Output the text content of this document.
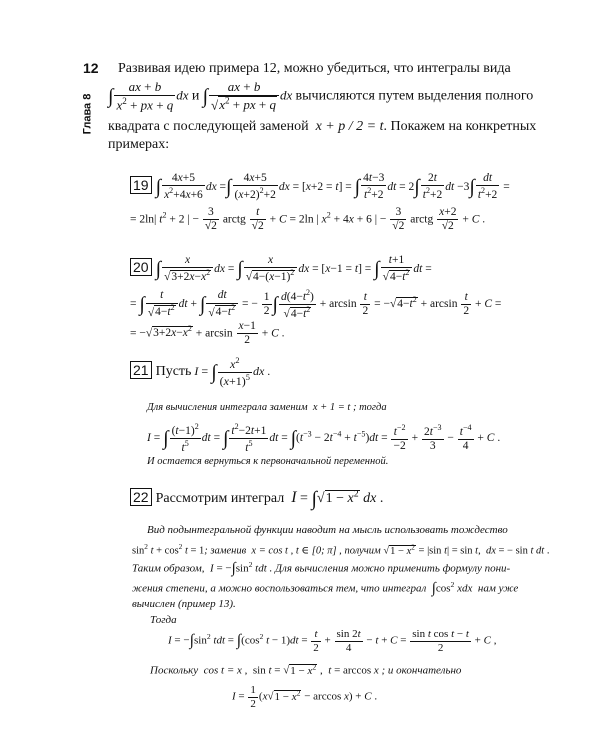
12
Глава 8
Развивая идею примера 12, можно убедиться, что интегралы вида
∫ $\frac{ax + b}{x^2 + px + q}$ dx и ∫ $\frac{ax + b}{√x^2 + px + q}$ dx вычисляются путем выделения полного
квадрата с последующей заменой x + p / 2 = t. Покажем на конкретных
примерах:
19 ∫ $\frac{4x+5}{x^2+4x+6}$ dx =∫ $\frac{4x+5}{(x+2)^2+2}$ dx = [x+2 = t] = ∫ $\frac{4t-3}{t^2+2}$ dt = $2\int \frac{2t}{t^2+2}$ dt $-3\int \frac{dt}{t^2+2}$ =
= 2ln| $t^2 + 2$ | − $\frac{3}{√2}$ arctg $\frac{t}{√2} + C = 2\ln$ | $x^2 + 4x + 6$ | − $\frac{3}{√2}$ arctg $\frac{x+2}{√2} + C$ .
20 ∫ $\frac{x}{√3+2x-x^2}$ dx = ∫ $\frac{x}{√4-(x-1)^2}$ dx = [x−1 = t] = ∫ $\frac{t+1}{√4-t^2}$ dt =
= ∫ $\frac{t}{√4-t^2}$ dt + ∫ $\frac{dt}{√4-t^2}$ = − $\frac{1}{2}$ ∫ $\frac{d(4-t^2)}{√4-t^2} + \arcsin \frac{t}{2} = -√4-t^2 + \arcsin \frac{t}{2} + C$ =
= $-√3+2x-x^2 + \arcsin \frac{x-1}{2} + C$ .
21 Пусть I = ∫ $\frac{x^2}{(x+1)^5}$ dx .
Для вычисления интеграла заменим x + 1 = t ; тогда
I = ∫ $\frac{(t-1)^2}{t^5}$ dt = ∫ $\frac{t^2-2t+1}{t^5}$ dt = $\int(t^{-3} - 2t^{-4} + t^{-5})dt = \frac{t^{-2}}{-2} + \frac{2t^{-3}}{3} - \frac{t^{-4}}{4} + C$ .
И остается вернуться к первоначальной переменной.
22 Рассмотрим интеграл $I = \int√1 - x^2$ dx .
Вид подынтегральной функции наводит на мысль использовать тождество
$\sin^2 t + \cos^2 t = 1$; заменив x = cos t , t ∈ [0; π] , получим $√1 - x^2 = |\sin$ t| = sin t,  dx = − sin t dt .
Таким образом, $I = -\int\sin^2$ tdt . Для вычисления можно применить формулу пони-
жения степени, а можно воспользоваться тем, что интеграл $\int\cos^2$ xdx нам уже
вычислен (пример 13).
Тогда
$I = -\int\sin^2$ tdt = $\int(\cos^2$ $t - 1)dt = \frac{t}{2} + \frac{\sin 2t}{4} - t + C = \frac{\text{sin t cos t − t}}{2} + C$ ,
Поскольку cos t = x ,  $\sin t = √1 - x^2$ ,  t = arccos x ; и окончательно
$I = \frac{1}{2} (x√1 - x^2 - \arccos x) + C$ .
